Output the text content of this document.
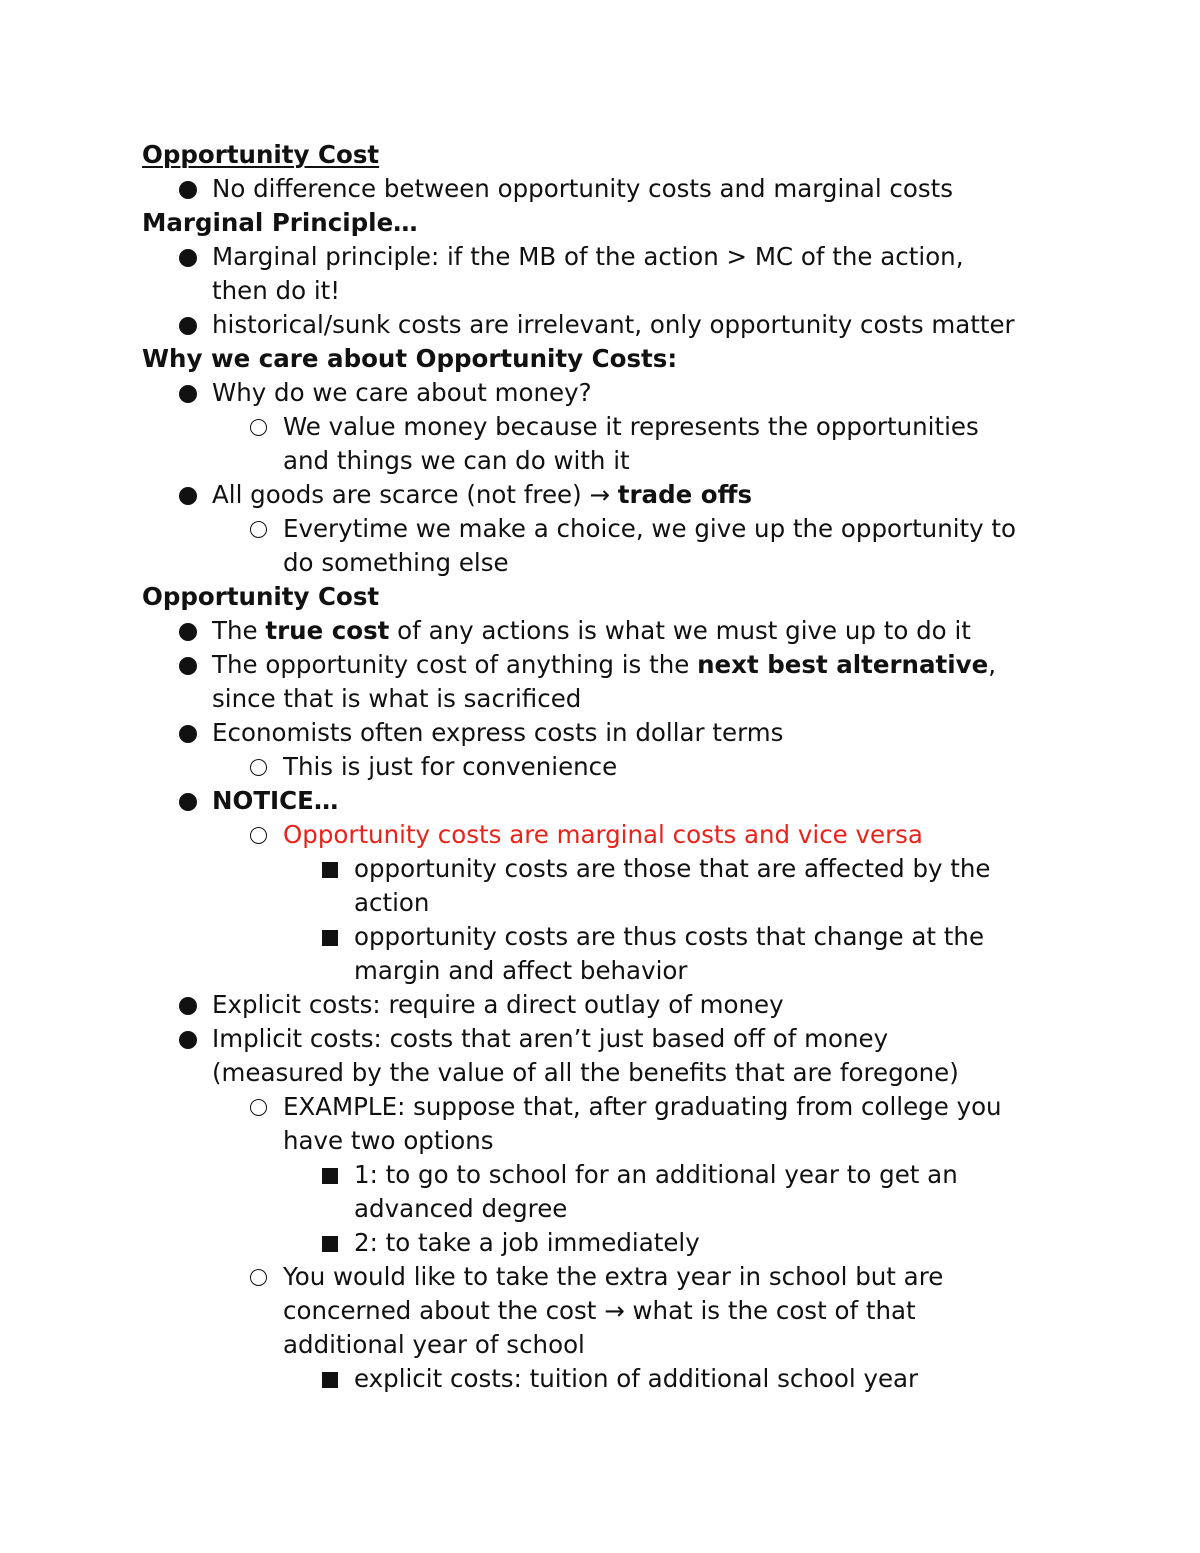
Opportunity Cost
No difference between opportunity costs and marginal costs
Marginal Principle…
Marginal principle: if the MB of the action > MC of the action,
then do it!
historical/sunk costs are irrelevant, only opportunity costs matter
Why we care about Opportunity Costs:
Why do we care about money?
We value money because it represents the opportunities
and things we can do with it
All goods are scarce (not free) → trade offs
Everytime we make a choice, we give up the opportunity to
do something else
Opportunity Cost
The true cost of any actions is what we must give up to do it
The opportunity cost of anything is the next best alternative,
since that is what is sacrificed
Economists often express costs in dollar terms
This is just for convenience
NOTICE…
Opportunity costs are marginal costs and vice versa
opportunity costs are those that are affected by the
action
opportunity costs are thus costs that change at the
margin and affect behavior
Explicit costs: require a direct outlay of money
Implicit costs: costs that aren’t just based off of money
(measured by the value of all the benefits that are foregone)
EXAMPLE: suppose that, after graduating from college you
have two options
1: to go to school for an additional year to get an
advanced degree
2: to take a job immediately
You would like to take the extra year in school but are
concerned about the cost → what is the cost of that
additional year of school
explicit costs: tuition of additional school year
